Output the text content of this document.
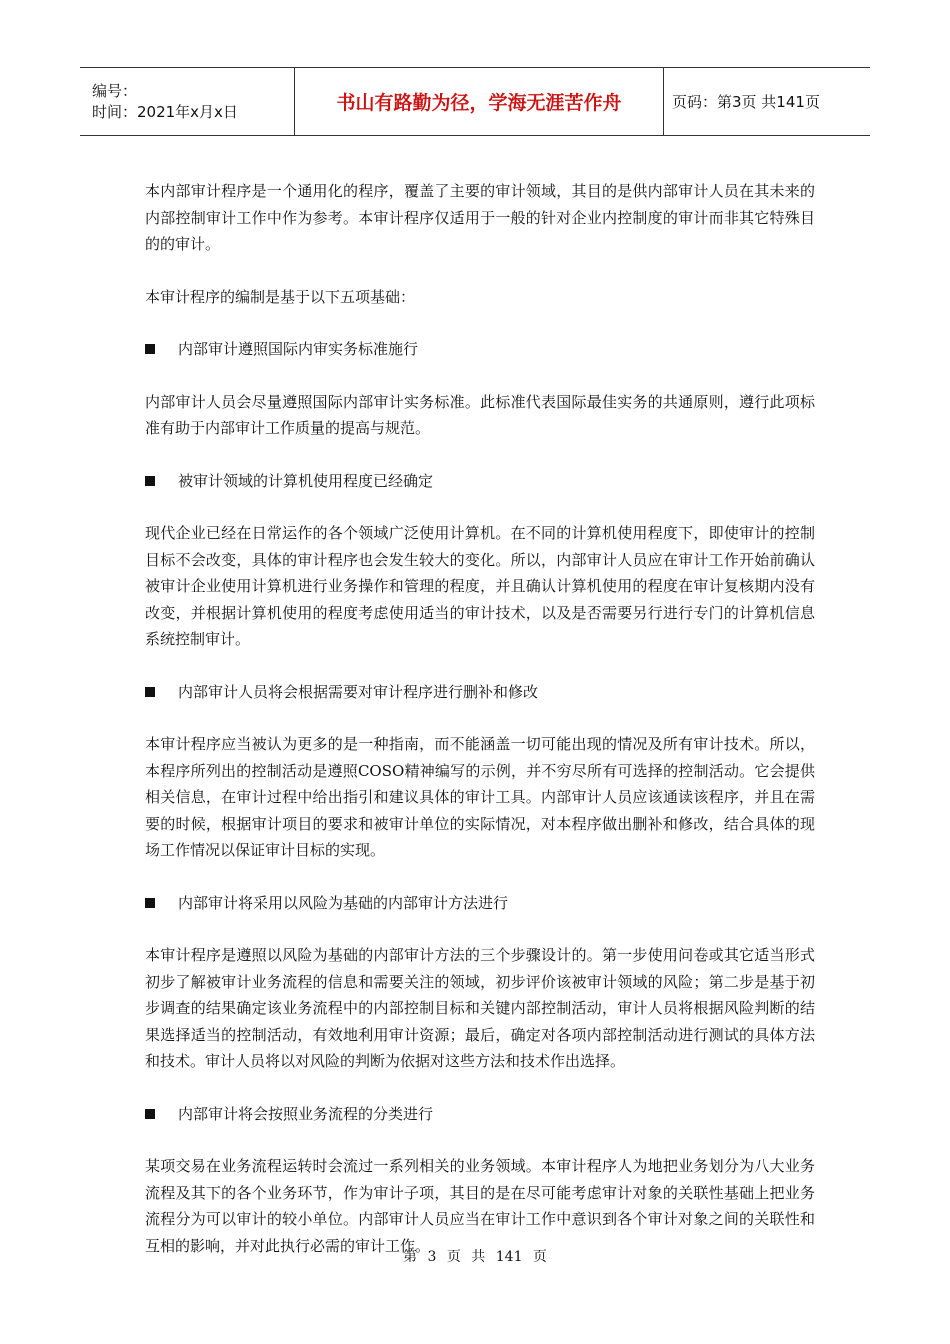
编号：
时间：2021年x月x日	书山有路勤为径，学海无涯苦作舟	页码：第3页 共141页

本内部审计程序是一个通用化的程序，覆盖了主要的审计领域，其目的是供内部审计人员在其未来的内部控制审计工作中作为参考。本审计程序仅适用于一般的针对企业内控制度的审计而非其它特殊目的的审计。

本审计程序的编制是基于以下五项基础：

内部审计遵照国际内审实务标准施行

内部审计人员会尽量遵照国际内部审计实务标准。此标准代表国际最佳实务的共通原则，遵行此项标准有助于内部审计工作质量的提高与规范。

被审计领域的计算机使用程度已经确定

现代企业已经在日常运作的各个领域广泛使用计算机。在不同的计算机使用程度下，即使审计的控制目标不会改变，具体的审计程序也会发生较大的变化。所以，内部审计人员应在审计工作开始前确认被审计企业使用计算机进行业务操作和管理的程度，并且确认计算机使用的程度在审计复核期内没有改变，并根据计算机使用的程度考虑使用适当的审计技术，以及是否需要另行进行专门的计算机信息系统控制审计。

内部审计人员将会根据需要对审计程序进行删补和修改

本审计程序应当被认为更多的是一种指南，而不能涵盖一切可能出现的情况及所有审计技术。所以，本程序所列出的控制活动是遵照COSO精神编写的示例，并不穷尽所有可选择的控制活动。它会提供相关信息，在审计过程中给出指引和建议具体的审计工具。内部审计人员应该通读该程序，并且在需要的时候，根据审计项目的要求和被审计单位的实际情况，对本程序做出删补和修改，结合具体的现场工作情况以保证审计目标的实现。

内部审计将采用以风险为基础的内部审计方法进行

本审计程序是遵照以风险为基础的内部审计方法的三个步骤设计的。第一步使用问卷或其它适当形式初步了解被审计业务流程的信息和需要关注的领域，初步评价该被审计领域的风险；第二步是基于初步调查的结果确定该业务流程中的内部控制目标和关键内部控制活动，审计人员将根据风险判断的结果选择适当的控制活动，有效地利用审计资源；最后，确定对各项内部控制活动进行测试的具体方法和技术。审计人员将以对风险的判断为依据对这些方法和技术作出选择。

内部审计将会按照业务流程的分类进行

某项交易在业务流程运转时会流过一系列相关的业务领域。本审计程序人为地把业务划分为八大业务流程及其下的各个业务环节，作为审计子项，其目的是在尽可能考虑审计对象的关联性基础上把业务流程分为可以审计的较小单位。内部审计人员应当在审计工作中意识到各个审计对象之间的关联性和互相的影响，并对此执行必需的审计工作。

第 3 页 共 141 页
